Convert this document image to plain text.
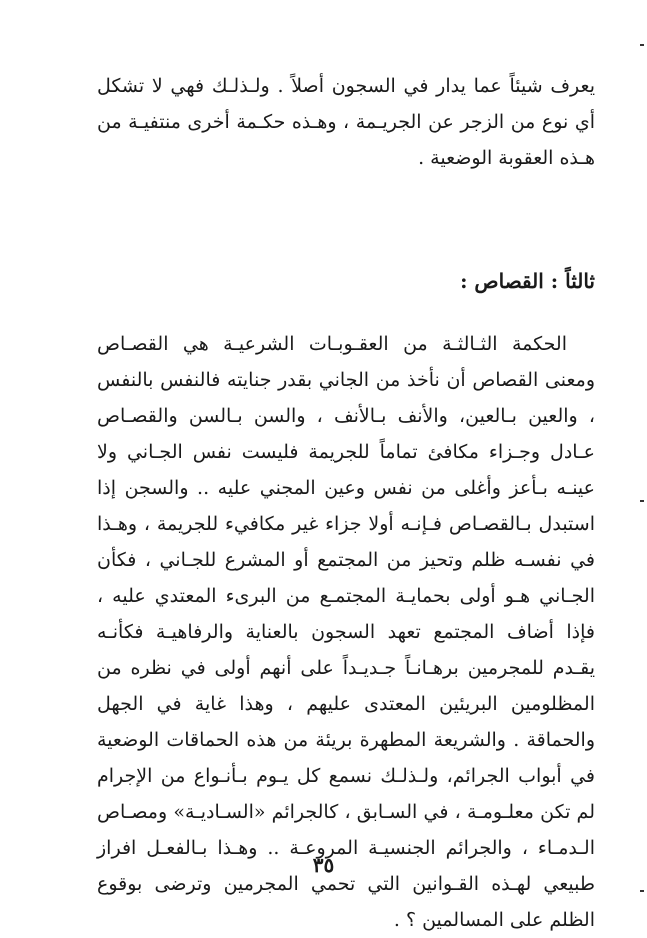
يعرف شيئاً عما يدار في السجون أصلاً . ولـذلـك فهي لا تشكل أي نوع من الزجر عن الجريـمة ، وهـذه حكـمة أخرى منتفيـة من هـذه العقوبة الوضعية .

ثالثاً : القصاص :

الحكمة الثـالثـة من العقـوبـات الشرعيـة هي القصـاص ومعنى القصاص أن نأخذ من الجاني بقدر جنايته فالنفس بالنفس ، والعين بـالعين، والأنف بـالأنف ، والسن بـالسن والقصـاص عـادل وجـزاء مكافئ تماماً للجريمة فليست نفس الجـاني ولا عينـه بـأعز وأغلى من نفس وعين المجني عليه .. والسجن إذا استبدل بـالقصـاص فـإنـه أولا جزاء غير مكافيء للجريمة ، وهـذا في نفسـه ظلم وتحيز من المجتمع أو المشرع للجـاني ، فكأن الجـاني هـو أولى بحمايـة المجتمـع من البرىء المعتدي عليه ، فإذا أضاف المجتمع تعهد السجون بالعناية والرفاهيـة فكأنـه يقـدم للمجرمين برهـانـاً جـديـداً على أنهم أولى في نظره من المظلومين البريئين المعتدى عليهم ، وهذا غاية في الجهل والحماقة . والشريعة المطهرة بريئة من هذه الحماقات الوضعية في أبواب الجرائم، ولـذلـك نسمع كل يـوم بـأنـواع من الإجرام لم تكن معلـومـة ، في السـابق ، كالجرائم «السـاديـة» ومصـاص الـدمـاء ، والجرائم الجنسيـة المروعـة .. وهـذا بـالفعـل افراز طبيعي لهـذه القـوانين التي تحمي المجرمين وترضى بوقوع الظلم على المسالمين ؟ .

٣٥
